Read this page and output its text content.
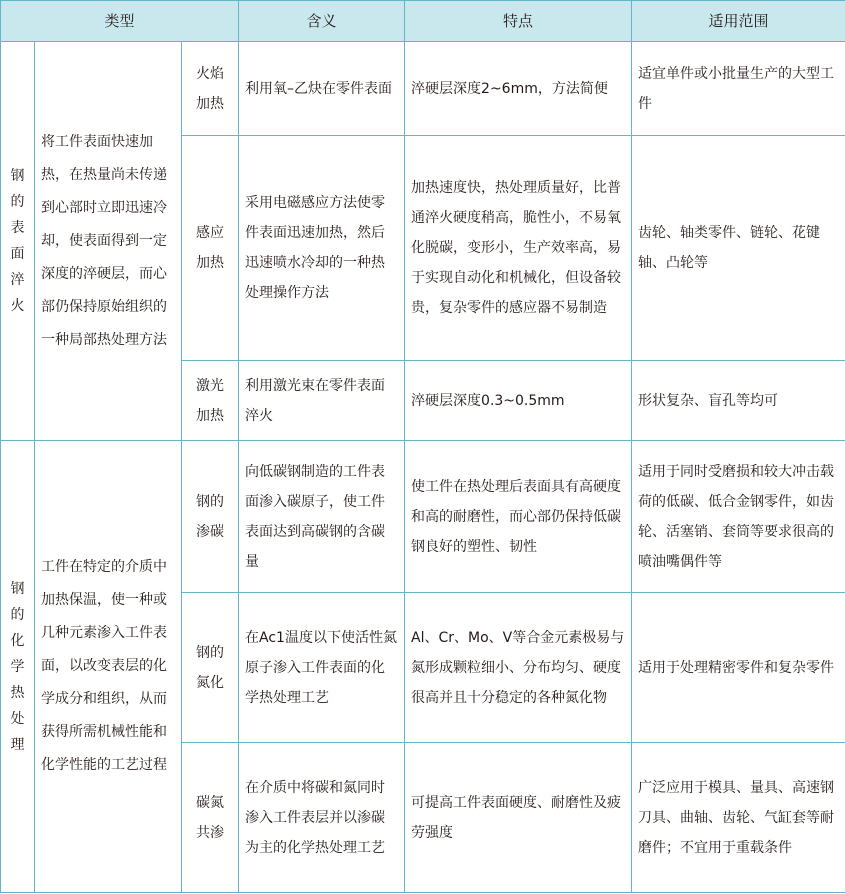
类型			含义	特点	适用范围
钢的表面淬火	将工件表面快速加热，在热量尚未传递到心部时立即迅速冷却，使表面得到一定深度的淬硬层，而心部仍保持原始组织的一种局部热处理方法	火焰加热	利用氧–乙炔在零件表面	淬硬层深度2~6mm，方法简便	适宜单件或小批量生产的大型工件
		感应加热	采用电磁感应方法使零件表面迅速加热，然后迅速喷水冷却的一种热处理操作方法	加热速度快，热处理质量好，比普通淬火硬度稍高，脆性小，不易氧化脱碳，变形小，生产效率高，易于实现自动化和机械化，但设备较贵，复杂零件的感应器不易制造	齿轮、轴类零件、链轮、花键轴、凸轮等
		激光加热	利用激光束在零件表面淬火	淬硬层深度0.3~0.5mm	形状复杂、盲孔等均可
钢的化学热处理	工件在特定的介质中加热保温，使一种或几种元素渗入工件表面，以改变表层的化学成分和组织，从而获得所需机械性能和化学性能的工艺过程	钢的渗碳	向低碳钢制造的工件表面渗入碳原子，使工件表面达到高碳钢的含碳量	使工件在热处理后表面具有高硬度和高的耐磨性，而心部仍保持低碳钢良好的塑性、韧性	适用于同时受磨损和较大冲击载荷的低碳、低合金钢零件，如齿轮、活塞销、套筒等要求很高的喷油嘴偶件等
		钢的氮化	在Ac1温度以下使活性氮原子渗入工件表面的化学热处理工艺	Al、Cr、Mo、V等合金元素极易与氮形成颗粒细小、分布均匀、硬度很高并且十分稳定的各种氮化物	适用于处理精密零件和复杂零件
		碳氮共渗	在介质中将碳和氮同时渗入工件表层并以渗碳为主的化学热处理工艺	可提高工件表面硬度、耐磨性及疲劳强度	广泛应用于模具、量具、高速钢刀具、曲轴、齿轮、气缸套等耐磨件；不宜用于重载条件
